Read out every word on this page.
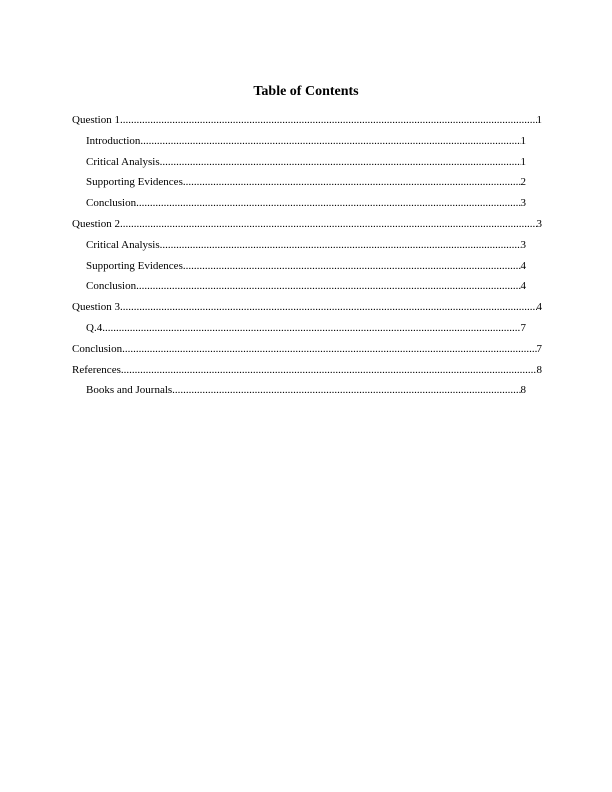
Table of Contents
Question 1 .....	1
Introduction .....	1
Critical Analysis .....	1
Supporting Evidences .....	2
Conclusion .....	3
Question 2 .....	3
Critical Analysis .....	3
Supporting Evidences .....	4
Conclusion .....	4
Question 3 .....	4
Q.4 .....	7
Conclusion .....	7
References .....	8
Books and Journals .....	8
